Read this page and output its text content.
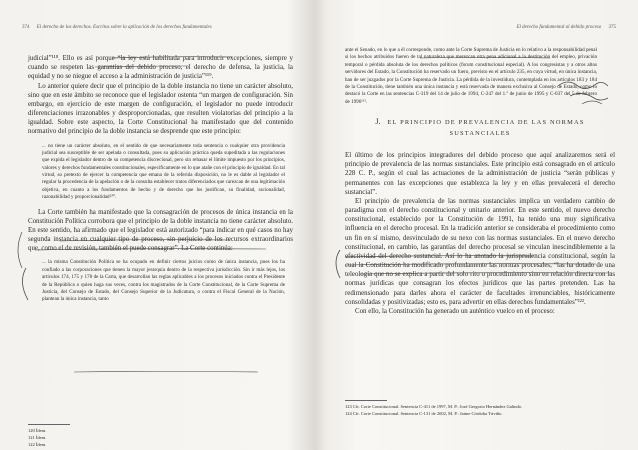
374 El derecho de los derechos. Escritos sobre la aplicación de los derechos fundamentales

judicial”¹¹⁸. Ello es así porque “la ley está habilitada para introducir excepciones, siempre y cuando se respeten las garantías del debido proceso, el derecho de defensa, la justicia, la equidad y no se niegue el acceso a la administración de justicia”¹¹⁹.

Lo anterior quiere decir que el principio de la doble instancia no tiene un carácter absoluto, sino que en este ámbito se reconoce que el legislador ostenta “un margen de configuración. Sin embargo, en ejercicio de este margen de configuración, el legislador no puede introducir diferenciaciones irrazonables y desproporcionadas, que resulten violatorias del principio a la igualdad. Sobre este aspecto, la Corte Constitucional ha manifestado que del contenido normativo del principio de la doble instancia se desprende que este principio:

... no tiene un carácter absoluto, en el sentido de que necesariamente toda sentencia o cualquier otra providencia judicial sea susceptible de ser apelada o consultada, pues su aplicación práctica queda supeditada a las regulaciones que expida el legislador dentro de su competencia discrecional, pero sin rebasar el límite impuesto por los principios, valores y derechos fundamentales constitucionales, específicamente en lo que atañe con el principio de igualdad. En tal virtud, so pretexto de ejercer la competencia que emana de la referida disposición, no le es dable al legislador el regular la procedencia de la apelación o de la consulta establecer tratos diferenciados que carezcan de una legitimación objetiva, en cuanto a los fundamentos de hecho y de derecho que los justifican, su finalidad, racionalidad, razonabilidad y proporcionalidad¹²⁰.

La Corte también ha manifestado que la consagración de procesos de única instancia en la Constitución Política corrobora que el principio de la doble instancia no tiene carácter absoluto. En este sentido, ha afirmado que el legislador está autorizado “para indicar en qué casos no hay segunda instancia en cualquier tipo de proceso, sin perjuicio de los recursos extraordinarios que, como el de revisión, también el puede consagrar”. La Corte continúa:

... la misma Constitución Política se ha ocupado en definir ciertos juicios como de única instancia, pues los ha confiado a las corporaciones que tienen la mayor jerarquía dentro de la respectiva jurisdicción. Sin ir más lejos, los artículos 174, 175 y 178 de la Carta, que desarrollan las reglas aplicables a los procesos iniciados contra el Presidente de la República o quien haga sus veces, contra los magistrados de la Corte Constitucional, de la Corte Suprema de Justicia, del Consejo de Estado, del Consejo Superior de la Judicatura, o contra el Fiscal General de la Nación, plantean la única instancia, tanto

120 Ídem.
121 Ídem.
122 Ídem.
El derecho fundamental al debido proceso 375

ante el Senado, en lo que a él corresponde, como ante la Corte Suprema de Justicia en lo relativo a la responsabilidad penal si los hechos atribuidos fueren de tal naturaleza que merezcan otra pena adicional a la destitución del empleo, privación temporal o pérdida absoluta de los derechos políticos (forum constitucional especial). A los congresistas y a otros altos servidores del Estado, la Constitución ha reservado un fuero, previsto en el artículo 235, en cuya virtud, en única instancia, han de ser juzgados por la Corte Suprema de Justicia. La pérdida de la investidura, contemplada en los artículos 183 y 184 de la Constitución, tiene también una única instancia y está reservada de manera exclusiva al Consejo de Estado, como lo destacó la Corte en las sentencias C-319 del 14 de julio de 1994, C-247 del 1.º de junio de 1995 y C-037 del 5 de febrero de 1996¹²¹.

J. EL PRINCIPIO DE PREVALENCIA DE LAS NORMAS SUSTANCIALES

El último de los principios integradores del debido proceso que aquí analizaremos será el principio de prevalencia de las normas sustanciales. Este principio está consagrado en el artículo 228 C. P., según el cual las actuaciones de la administración de justicia “serán públicas y permanentes con las excepciones que establezca la ley y en ellas prevalecerá el derecho sustancial”.

El principio de prevalencia de las normas sustanciales implica un verdadero cambio de paradigma con el derecho constitucional y unitario anterior. En este sentido, el nuevo derecho constitucional, establecido por la Constitución de 1991, ha tenido una muy significativa influencia en el derecho procesal. En la tradición anterior se consideraba el procedimiento como un fin en sí mismo, desvinculado de su nexo con las normas sustanciales. En el nuevo derecho constitucional, en cambio, las garantías del derecho procesal se vinculan inescindiblemente a la efectividad del derecho sustancial. Así lo ha anotado la jurisprudencia constitucional, según la cual la Constitución ha modificado profundamente las normas procesales, “las ha dotado de una teleología que no se explica a partir del solo rito o procedimiento sino en relación directa con las normas jurídicas que consagran los efectos jurídicos que las partes pretenden. Las ha redimensionado para darles ahora el carácter de facultades irrenunciables, históricamente consolidadas y positivizadas; esto es, para advertir en ellas derechos fundamentales”¹²².

Con ello, la Constitución ha generado un auténtico vuelco en el proceso:

123 Cfr. Corte Constitucional. Sentencia C-411 de 1997, M. P.: José Gregorio Hernández Galindo.
124 Cfr. Corte Constitucional. Sentencia C-131 de 2002, M. P.: Jaime Córdoba Triviño.
